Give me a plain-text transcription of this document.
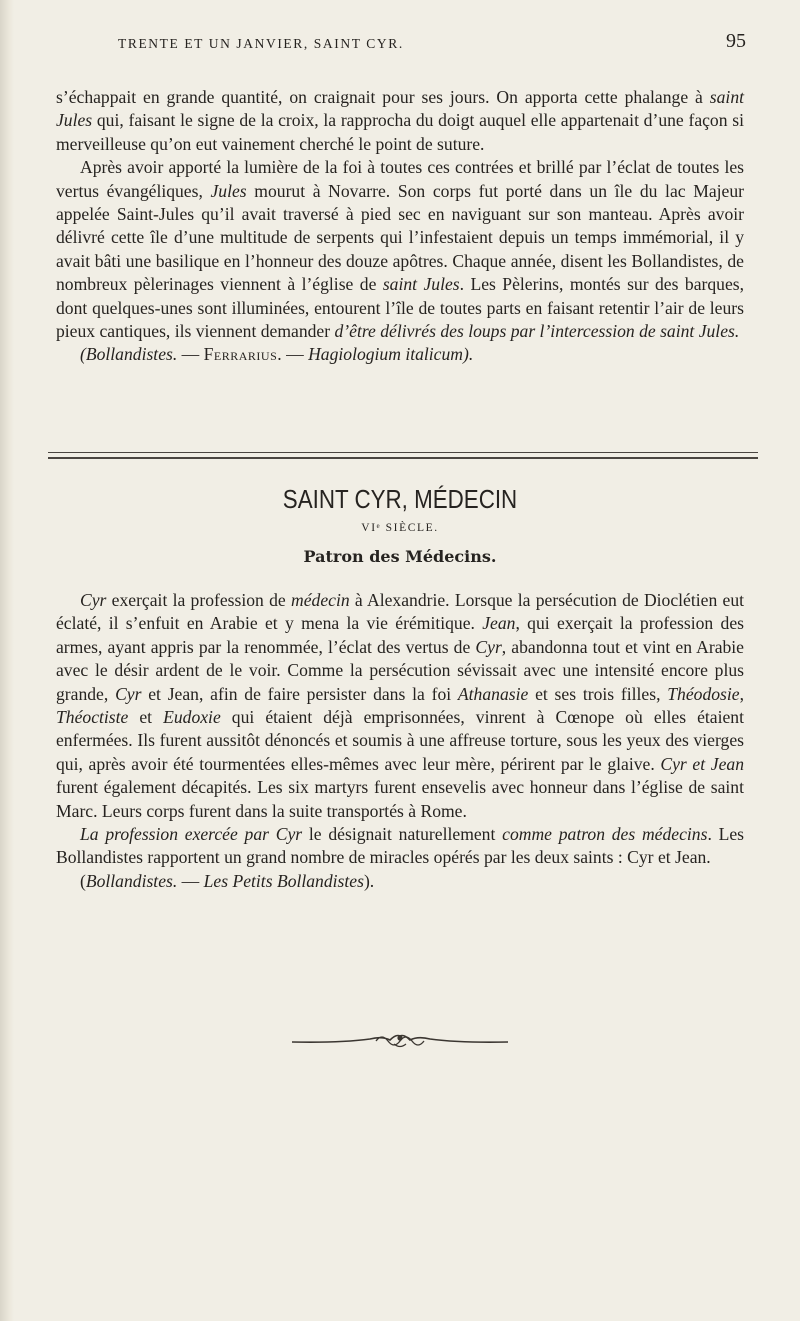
TRENTE ET UN JANVIER, SAINT CYR.	95

s’échappait en grande quantité, on craignait pour ses jours. On apporta cette phalange à saint Jules qui, faisant le signe de la croix, la rapprocha du doigt auquel elle appartenait d’une façon si merveilleuse qu’on eut vainement cherché le point de suture.

Après avoir apporté la lumière de la foi à toutes ces contrées et brillé par l’éclat de toutes les vertus évangéliques, Jules mourut à Novarre. Son corps fut porté dans un île du lac Majeur appelée Saint-Jules qu’il avait traversé à pied sec en naviguant sur son manteau. Après avoir délivré cette île d’une multitude de serpents qui l’infestaient depuis un temps immémorial, il y avait bâti une basilique en l’honneur des douze apôtres. Chaque année, disent les Bollandistes, de nombreux pèlerinages viennent à l’église de saint Jules. Les Pèlerins, montés sur des barques, dont quelques-unes sont illuminées, entourent l’île de toutes parts en faisant retentir l’air de leurs pieux cantiques, ils viennent demander d’être délivrés des loups par l’intercession de saint Jules.

(Bollandistes. — Ferrarius. — Hagiologium italicum).

SAINT CYR, MÉDECIN
VIᵉ SIÈCLE.
Patron des Médecins.

Cyr exerçait la profession de médecin à Alexandrie. Lorsque la persécution de Dioclétien eut éclaté, il s’enfuit en Arabie et y mena la vie érémitique. Jean, qui exerçait la profession des armes, ayant appris par la renommée, l’éclat des vertus de Cyr, abandonna tout et vint en Arabie avec le désir ardent de le voir. Comme la persécution sévissait avec une intensité encore plus grande, Cyr et Jean, afin de faire persister dans la foi Athanasie et ses trois filles, Théodosie, Théoctiste et Eudoxie qui étaient déjà emprisonnées, vinrent à Cœnope où elles étaient enfermées. Ils furent aussitôt dénoncés et soumis à une affreuse torture, sous les yeux des vierges qui, après avoir été tourmentées elles-mêmes avec leur mère, périrent par le glaive. Cyr et Jean furent également décapités. Les six martyrs furent ensevelis avec honneur dans l’église de saint Marc. Leurs corps furent dans la suite transportés à Rome.

La profession exercée par Cyr le désignait naturellement comme patron des médecins. Les Bollandistes rapportent un grand nombre de miracles opérés par les deux saints : Cyr et Jean.

(Bollandistes. — Les Petits Bollandistes).
